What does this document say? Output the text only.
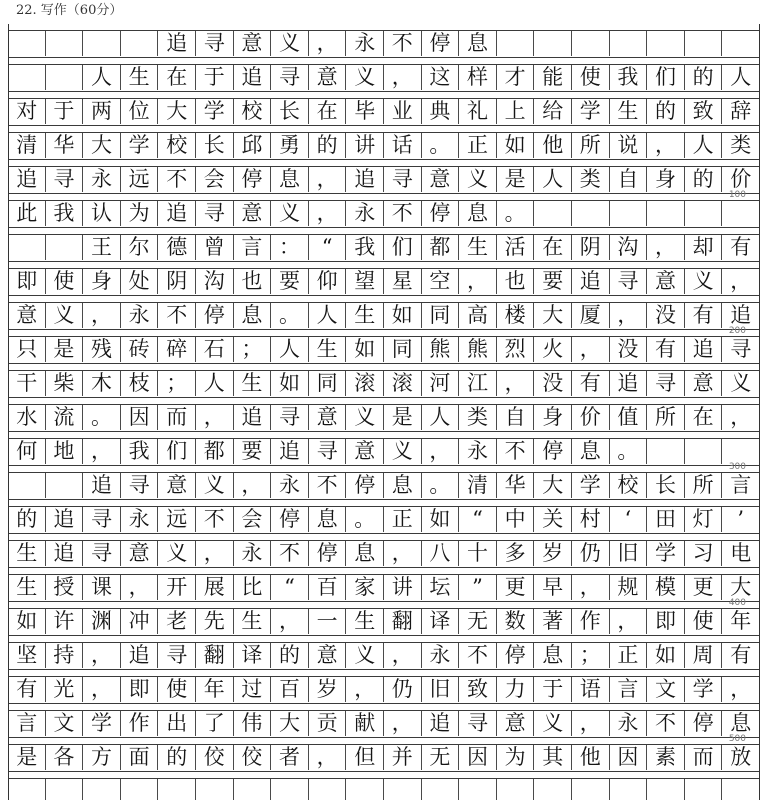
22. 写作（60分）
追 寻 意 义 ， 永 不 停 息
人 生 在 于 追 寻 意 义 ， 这 样 才 能 使 我 们 的 人
对 于 两 位 大 学 校 长 在 毕 业 典 礼 上 给 学 生 的 致 辞
清 华 大 学 校 长 邱 勇 的 讲 话 。 正 如 他 所 说 ， 人 类
追 寻 永 远 不 会 停 息 ， 追 寻 意 义 是 人 类 自 身 的 价
此 我 认 为 追 寻 意 义 ， 永 不 停 息 。
王 尔 德 曾 言 ：	“	我 们 都 生 活 在 阴 沟 ， 却 有
即 使 身 处 阴 沟 也 要 仰 望 星 空 ， 也 要 追 寻 意 义 ，
意 义 ， 永 不 停 息 。 人 生 如 同 高 楼 大 厦 ， 没 有 追
只 是 残 砖 碎 石 ； 人 生 如 同 熊 熊 烈 火 ， 没 有 追 寻
干 柴 木 枝 ； 人 生 如 同 滚 滚 河 江 ， 没 有 追 寻 意 义
水 流 。 因 而 ， 追 寻 意 义 是 人 类 自 身 价 值 所 在 ，
何 地 ， 我 们 都 要 追 寻 意 义 ， 永 不 停 息 。
追 寻 意 义 ， 永 不 停 息 。 清 华 大 学 校 长 所 言
的 追 寻 永 远 不 会 停 息 。 正 如	“	中 关 村	‘	田 灯	’
生 追 寻 意 义 ， 永 不 停 息 ， 八 十 多 岁 仍 旧 学 习 电
生 授 课 ， 开 展 比	“	百 家 讲 坛	”	更 早 ， 规 模 更 大
如 许 渊 冲 老 先 生 ， 一 生 翻 译 无 数 著 作 ， 即 使 年
坚 持 ， 追 寻 翻 译 的 意 义 ， 永 不 停 息 ； 正 如 周 有
有 光 ， 即 使 年 过 百 岁 ， 仍 旧 致 力 于 语 言 文 学 ，
言 文 学 作 出 了 伟 大 贡 献 ， 追 寻 意 义 ， 永 不 停 息
是 各 方 面 的 佼 佼 者 ， 但 并 无 因 为 其 他 因 素 而 放
100
200
300
400
500
